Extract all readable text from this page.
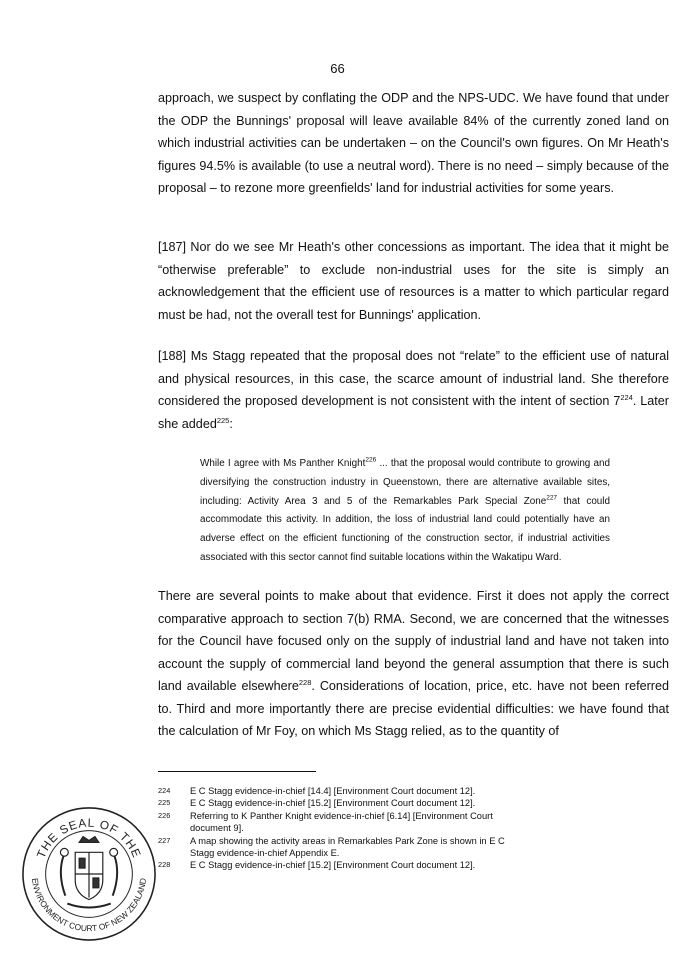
66

approach, we suspect by conflating the ODP and the NPS-UDC. We have found that under the ODP the Bunnings' proposal will leave available 84% of the currently zoned land on which industrial activities can be undertaken – on the Council's own figures. On Mr Heath's figures 94.5% is available (to use a neutral word). There is no need – simply because of the proposal – to rezone more greenfields' land for industrial activities for some years.

[187] Nor do we see Mr Heath's other concessions as important. The idea that it might be “otherwise preferable” to exclude non-industrial uses for the site is simply an acknowledgement that the efficient use of resources is a matter to which particular regard must be had, not the overall test for Bunnings' application.

[188] Ms Stagg repeated that the proposal does not “relate” to the efficient use of natural and physical resources, in this case, the scarce amount of industrial land. She therefore considered the proposed development is not consistent with the intent of section $7^{224}$. Later she added$^{225}$:

While I agree with Ms Panther Knight$^{226}$ ... that the proposal would contribute to growing and diversifying the construction industry in Queenstown, there are alternative available sites, including: Activity Area 3 and 5 of the Remarkables Park Special Zone$^{227}$ that could accommodate this activity. In addition, the loss of industrial land could potentially have an adverse effect on the efficient functioning of the construction sector, if industrial activities associated with this sector cannot find suitable locations within the Wakatipu Ward.

There are several points to make about that evidence. First it does not apply the correct comparative approach to section 7(b) RMA. Second, we are concerned that the witnesses for the Council have focused only on the supply of industrial land and have not taken into account the supply of commercial land beyond the general assumption that there is such land available elsewhere$^{228}$. Considerations of location, price, etc. have not been referred to. Third and more importantly there are precise evidential difficulties: we have found that the calculation of Mr Foy, on which Ms Stagg relied, as to the quantity of

224	E C Stagg evidence-in-chief [14.4] [Environment Court document 12].
225	E C Stagg evidence-in-chief [15.2] [Environment Court document 12].
226	Referring to K Panther Knight evidence-in-chief [6.14] [Environment Court document 9].
227	A map showing the activity areas in Remarkables Park Zone is shown in E C Stagg evidence-in-chief Appendix E.
228	E C Stagg evidence-in-chief [15.2] [Environment Court document 12].
THE SEAL OF THE
ENVIRONMENT COURT OF NEW ZEALAND
